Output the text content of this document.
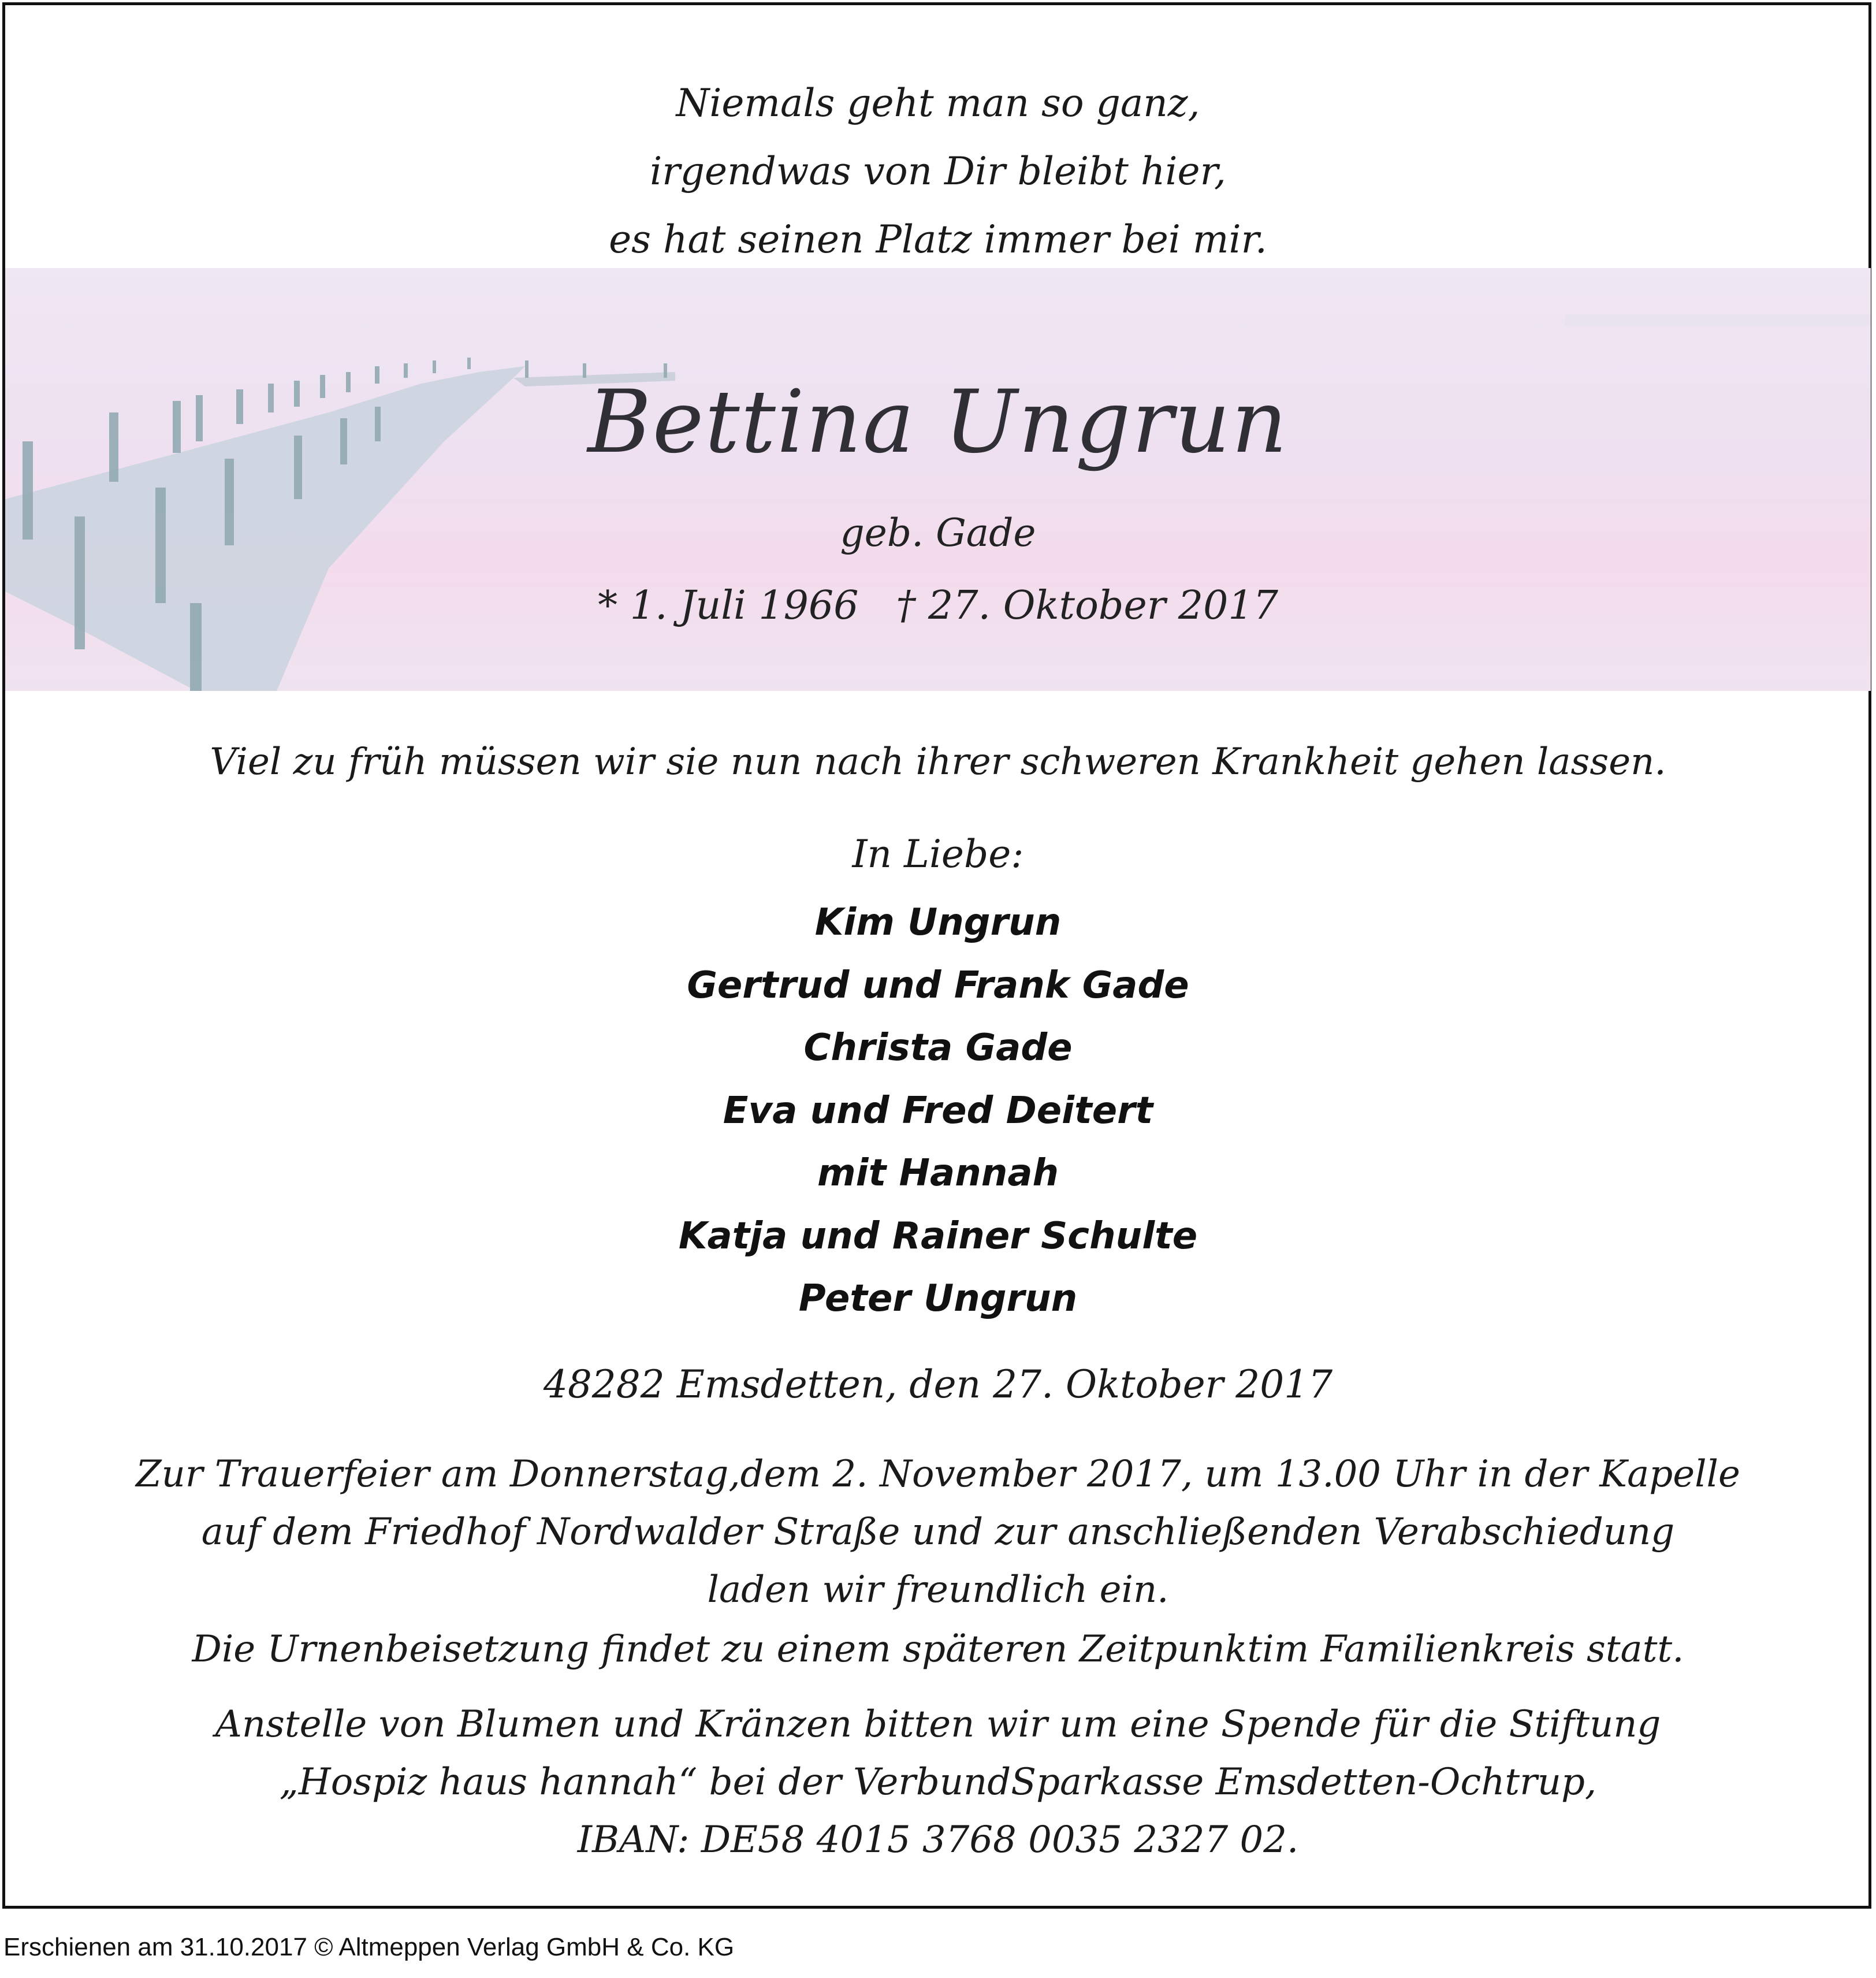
Niemals geht man so ganz,
irgendwas von Dir bleibt hier,
es hat seinen Platz immer bei mir.
Bettina Ungrun
geb. Gade
* 1. Juli 1966 † 27. Oktober 2017
Viel zu früh müssen wir sie nun nach ihrer schweren Krankheit gehen lassen.
In Liebe:
Kim Ungrun
Gertrud und Frank Gade
Christa Gade
Eva und Fred Deitert
mit Hannah
Katja und Rainer Schulte
Peter Ungrun
48282 Emsdetten, den 27. Oktober 2017
Zur Trauerfeier am Donnerstag,dem 2. November 2017, um 13.00 Uhr in der Kapelle
auf dem Friedhof Nordwalder Straße und zur anschließenden Verabschiedung
laden wir freundlich ein.
Die Urnenbeisetzung findet zu einem späteren Zeitpunktim Familienkreis statt.
Anstelle von Blumen und Kränzen bitten wir um eine Spende für die Stiftung
„Hospiz haus hannah“ bei der VerbundSparkasse Emsdetten-Ochtrup,
IBAN: DE58 4015 3768 0035 2327 02.
Erschienen am 31.10.2017 © Altmeppen Verlag GmbH & Co. KG
